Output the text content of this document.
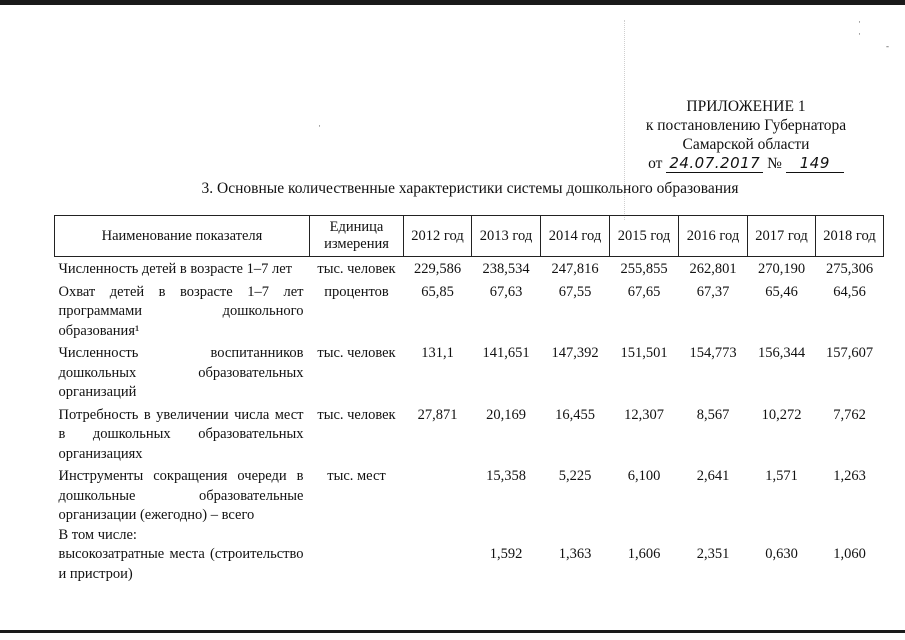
·
·
-
·
ПРИЛОЖЕНИЕ 1
к постановлению Губернатора
Самарской области
от 24.07.2017 № 149
3. Основные количественные характеристики системы дошкольного образования
Наименование показателя	Единица измерения	2012 год	2013 год	2014 год	2015 год	2016 год	2017 год	2018 год
Численность детей в возрасте 1–7 лет	тыс. человек	229,586	238,534	247,816	255,855	262,801	270,190	275,306
Охват детей в возрасте 1–7 лет программами дошкольного образования¹	процентов	65,85	67,63	67,55	67,65	67,37	65,46	64,56
Численность воспитанников дошкольных образовательных организаций	тыс. человек	131,1	141,651	147,392	151,501	154,773	156,344	157,607
Потребность в увеличении числа мест в дошкольных образовательных организациях	тыс. человек	27,871	20,169	16,455	12,307	8,567	10,272	7,762
Инструменты сокращения очереди в дошкольные образовательные организации (ежегодно) – всего	тыс. мест		15,358	5,225	6,100	2,641	1,571	1,263
В том числе:								
высокозатратные места (строительство и пристрои)			1,592	1,363	1,606	2,351	0,630	1,060
